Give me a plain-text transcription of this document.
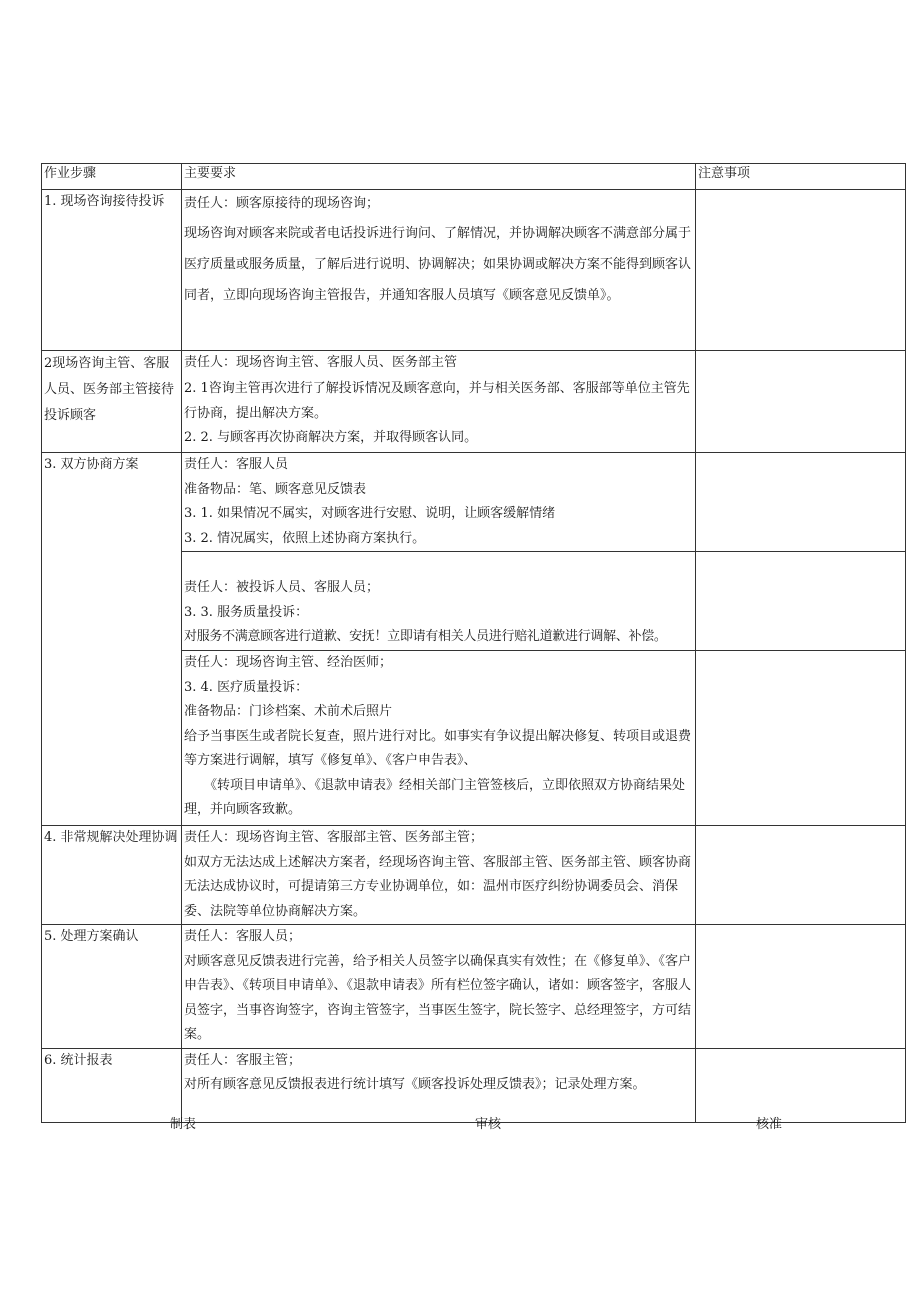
作业步骤	主要要求	注意事项

1. 现场咨询接待投诉	责任人：顾客原接待的现场咨询；
现场咨询对顾客来院或者电话投诉进行询问、了解情况，并协调解决顾客不满意部分属于医疗质量或服务质量，了解后进行说明、协调解决；如果协调或解决方案不能得到顾客认同者，立即向现场咨询主管报告，并通知客服人员填写《顾客意见反馈单》。	

2现场咨询主管、客服人员、医务部主管接待投诉顾客	责任人：现场咨询主管、客服人员、医务部主管
2. 1咨询主管再次进行了解投诉情况及顾客意向，并与相关医务部、客服部等单位主管先行协商，提出解决方案。
2. 2. 与顾客再次协商解决方案，并取得顾客认同。	

3. 双方协商方案	责任人：客服人员
准备物品：笔、顾客意见反馈表
3. 1. 如果情况不属实，对顾客进行安慰、说明，让顾客缓解情绪
3. 2. 情况属实，依照上述协商方案执行。	

	责任人：被投诉人员、客服人员；
3. 3. 服务质量投诉：
对服务不满意顾客进行道歉、安抚！立即请有相关人员进行赔礼道歉进行调解、补偿。	

	责任人：现场咨询主管、经治医师；
3. 4. 医疗质量投诉：
准备物品：门诊档案、术前术后照片
给予当事医生或者院长复查，照片进行对比。如事实有争议提出解决修复、转项目或退费等方案进行调解，填写《修复单》、《客户申告表》、
《转项目申请单》、《退款申请表》经相关部门主管签核后，立即依照双方协商结果处理，并向顾客致歉。	

4. 非常规解决处理协调	责任人：现场咨询主管、客服部主管、医务部主管；
如双方无法达成上述解决方案者，经现场咨询主管、客服部主管、医务部主管、顾客协商无法达成协议时，可提请第三方专业协调单位，如：温州市医疗纠纷协调委员会、消保委、法院等单位协商解决方案。	

5. 处理方案确认	责任人：客服人员；
对顾客意见反馈表进行完善，给予相关人员签字以确保真实有效性；在《修复单》、《客户申告表》、《转项目申请单》、《退款申请表》所有栏位签字确认，诸如：顾客签字，客服人员签字，当事咨询签字，咨询主管签字，当事医生签字，院长签字、总经理签字，方可结案。	

6. 统计报表	责任人：客服主管；
对所有顾客意见反馈报表进行统计填写《顾客投诉处理反馈表》；记录处理方案。	

制表	审核	核准
